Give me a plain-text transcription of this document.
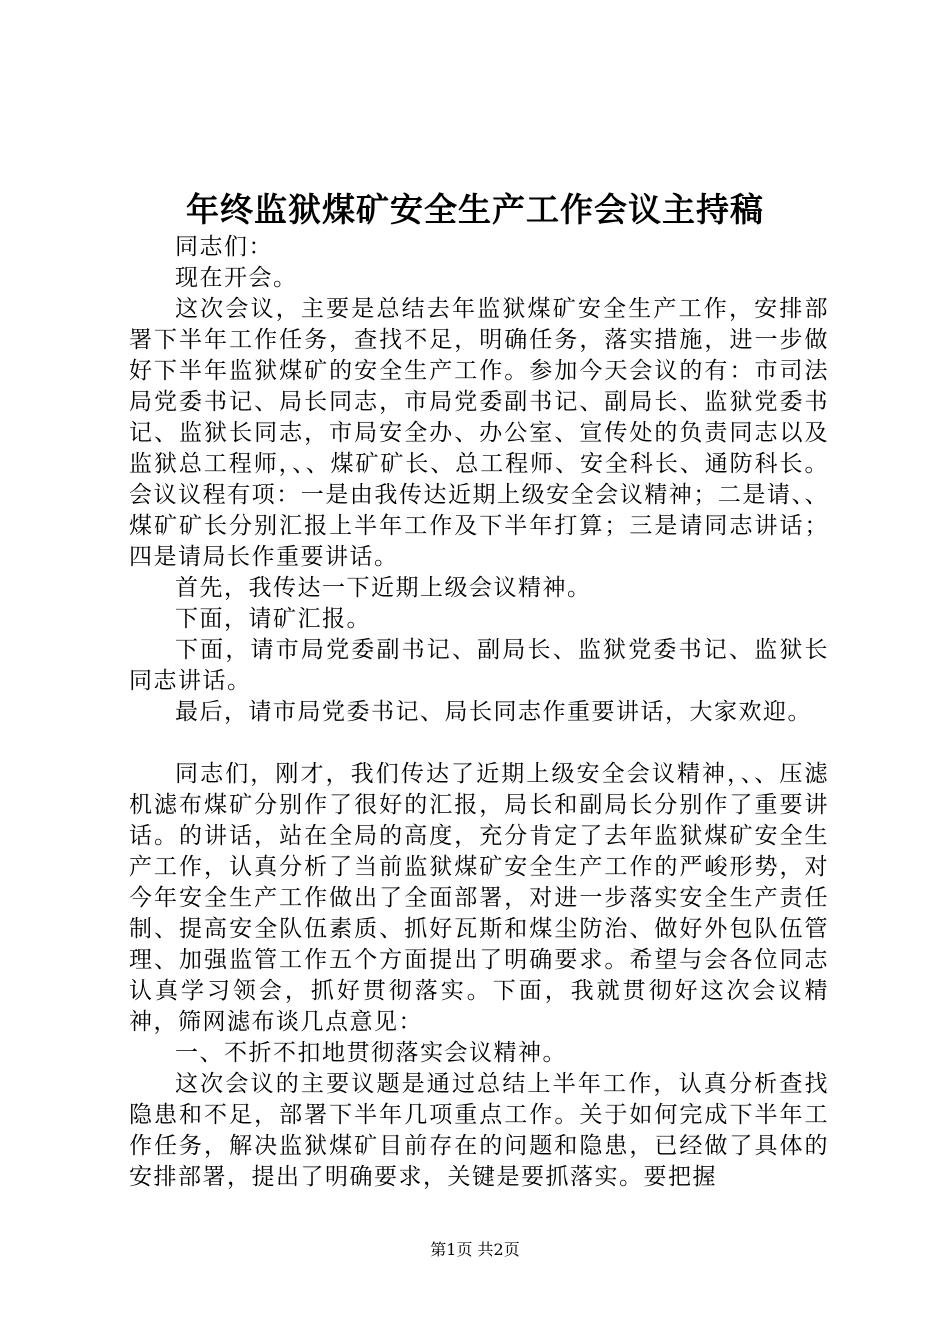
年终监狱煤矿安全生产工作会议主持稿

同志们：

现在开会。

这次会议，主要是总结去年监狱煤矿安全生产工作，安排部署下半年工作任务，查找不足，明确任务，落实措施，进一步做好下半年监狱煤矿的安全生产工作。参加今天会议的有：市司法局党委书记、局长同志，市局党委副书记、副局长、监狱党委书记、监狱长同志，市局安全办、办公室、宣传处的负责同志以及监狱总工程师，、、煤矿矿长、总工程师、安全科长、通防科长。会议议程有项：一是由我传达近期上级安全会议精神；二是请、、煤矿矿长分别汇报上半年工作及下半年打算；三是请同志讲话；四是请局长作重要讲话。

首先，我传达一下近期上级会议精神。

下面，请矿汇报。

下面，请市局党委副书记、副局长、监狱党委书记、监狱长同志讲话。

最后，请市局党委书记、局长同志作重要讲话，大家欢迎。

同志们，刚才，我们传达了近期上级安全会议精神，、、压滤机滤布煤矿分别作了很好的汇报，局长和副局长分别作了重要讲话。的讲话，站在全局的高度，充分肯定了去年监狱煤矿安全生产工作，认真分析了当前监狱煤矿安全生产工作的严峻形势，对今年安全生产工作做出了全面部署，对进一步落实安全生产责任制、提高安全队伍素质、抓好瓦斯和煤尘防治、做好外包队伍管理、加强监管工作五个方面提出了明确要求。希望与会各位同志认真学习领会，抓好贯彻落实。下面，我就贯彻好这次会议精神，筛网滤布谈几点意见：

一、不折不扣地贯彻落实会议精神。

这次会议的主要议题是通过总结上半年工作，认真分析查找隐患和不足，部署下半年几项重点工作。关于如何完成下半年工作任务，解决监狱煤矿目前存在的问题和隐患，已经做了具体的安排部署，提出了明确要求，关键是要抓落实。要把握

第1页 共2页
